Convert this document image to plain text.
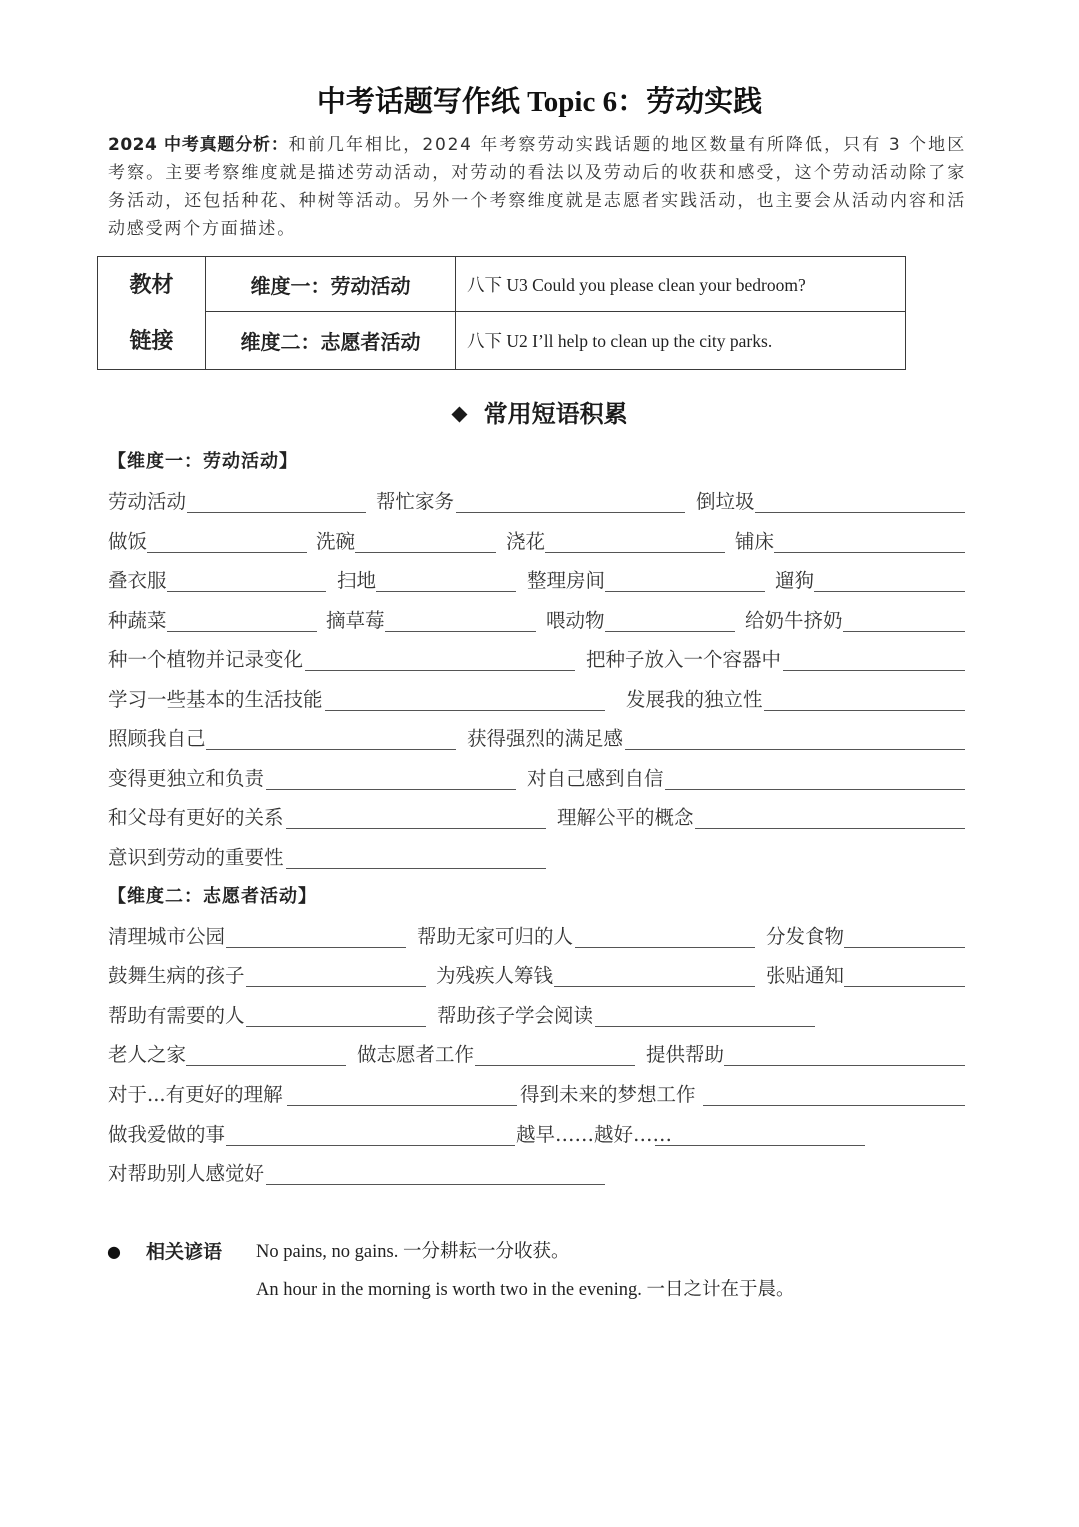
中考话题写作纸 Topic 6：劳动实践

2024 中考真题分析：和前几年相比，2024 年考察劳动实践话题的地区数量有所降低，只有 3 个地区考察。主要考察维度就是描述劳动活动，对劳动的看法以及劳动后的收获和感受，这个劳动活动除了家务活动，还包括种花、种树等活动。另外一个考察维度就是志愿者实践活动，也主要会从活动内容和活动感受两个方面描述。

教材
链接	维度一：劳动活动	八下 U3 Could you please clean your bedroom?
	维度二：志愿者活动	八下 U2 I’ll help to clean up the city parks.
◆ 常用短语积累
【维度一：劳动活动】
劳动活动	帮忙家务	倒垃圾
做饭	洗碗	浇花	铺床
叠衣服	扫地	整理房间	遛狗
种蔬菜	摘草莓	喂动物	给奶牛挤奶
种一个植物并记录变化	把种子放入一个容器中
学习一些基本的生活技能	发展我的独立性
照顾我自己	获得强烈的满足感
变得更独立和负责	对自己感到自信
和父母有更好的关系	理解公平的概念
意识到劳动的重要性
【维度二：志愿者活动】
清理城市公园	帮助无家可归的人	分发食物
鼓舞生病的孩子	为残疾人筹钱	张贴通知
帮助有需要的人	帮助孩子学会阅读
老人之家	做志愿者工作	提供帮助
对于...有更好的理解	得到未来的梦想工作
做我爱做的事	越早……越好……
对帮助别人感觉好
● 相关谚语 No pains, no gains. 一分耕耘一分收获。
An hour in the morning is worth two in the evening. 一日之计在于晨。
